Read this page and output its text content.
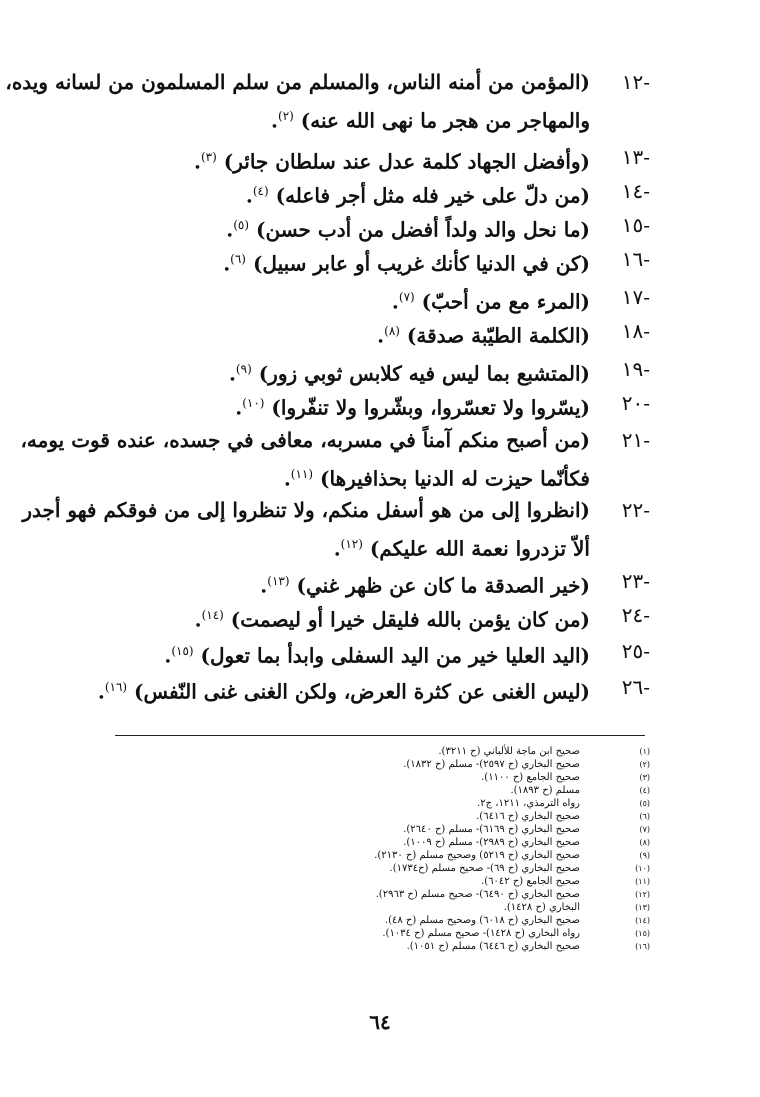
-١٢
(المؤمن من أمنه الناس، والمسلم من سلم المسلمون من لسانه ويده،
والمهاجر من هجر ما نهى الله عنه) $^{(٢)}$.
-١٣
(وأفضل الجهاد كلمة عدل عند سلطان جائر) $^{(٣)}$.
-١٤
(من دلّ على خير فله مثل أجر فاعله) $^{(٤)}$.
-١٥
(ما نحل والد ولداً أفضل من أدب حسن) $^{(٥)}$.
-١٦
(كن في الدنيا كأنك غريب أو عابر سبيل) $^{(٦)}$.
-١٧
(المرء مع من أحبّ) $^{(٧)}$.
-١٨
(الكلمة الطيّبة صدقة) $^{(٨)}$.
-١٩
(المتشبع بما ليس فيه كلابس ثوبي زور) $^{(٩)}$.
-٢٠
(يسّروا ولا تعسّروا، وبشّروا ولا تنفّروا) $^{(١٠)}$.
-٢١
(من أصبح منكم آمناً في مسربه، معافى في جسده، عنده قوت يومه،
فكأنّما حيزت له الدنيا بحذافيرها) $^{(١١)}$.
-٢٢
(انظروا إلى من هو أسفل منكم، ولا تنظروا إلى من فوقكم فهو أجدر
ألاّ تزدروا نعمة الله عليكم) $^{(١٢)}$.
-٢٣
(خير الصدقة ما كان عن ظهر غني) $^{(١٣)}$.
-٢٤
(من كان يؤمن بالله فليقل خيرا أو ليصمت) $^{(١٤)}$.
-٢٥
(اليد العليا خير من اليد السفلى وابدأ بما تعول) $^{(١٥)}$.
-٢٦
(ليس الغنى عن كثرة العرض، ولكن الغنى غنى النّفس) $^{(١٦)}$.
(١)
صحيح ابن ماجة للألباني (ح ٣٢١١).
(٢)
صحيح البخاري (ح ٢٥٩٧)- مسلم (ح ١٨٣٢).
(٣)
صحيح الجامع (ح ١١٠٠).
(٤)
مسلم (ح ١٨٩٣).
(٥)
رواه الترمذي، ١٢١١، ج٢.
(٦)
صحيح البخاري (ح ٦٤١٦).
(٧)
صحيح البخاري (ح ٦١٦٩)- مسلم (ح ٢٦٤٠).
(٨)
صحيح البخاري (ح ٢٩٨٩)- مسلم (ح ١٠٠٩).
(٩)
صحيح البخاري (ح ٥٢١٩) وصحيح مسلم (ح ٢١٣٠).
(١٠)
صحيح البخاري (ح ٦٩)- صحيح مسلم (ح١٧٣٤).
(١١)
صحيح الجامع (ح ٦٠٤٢).
(١٢)
صحيح البخاري (ح ٦٤٩٠)- صحيح مسلم (ح ٢٩٦٣).
(١٣)
البخاري (ح ١٤٢٨).
(١٤)
صحيح البخاري (ح ٦٠١٨) وصحيح مسلم (ح ٤٨).
(١٥)
رواه البخاري (ح ١٤٢٨)- صحيح مسلم (ح ١٠٣٤).
(١٦)
صحيح البخاري (ح ٦٤٤٦) مسلم (ح ١٠٥١).
٦٤
